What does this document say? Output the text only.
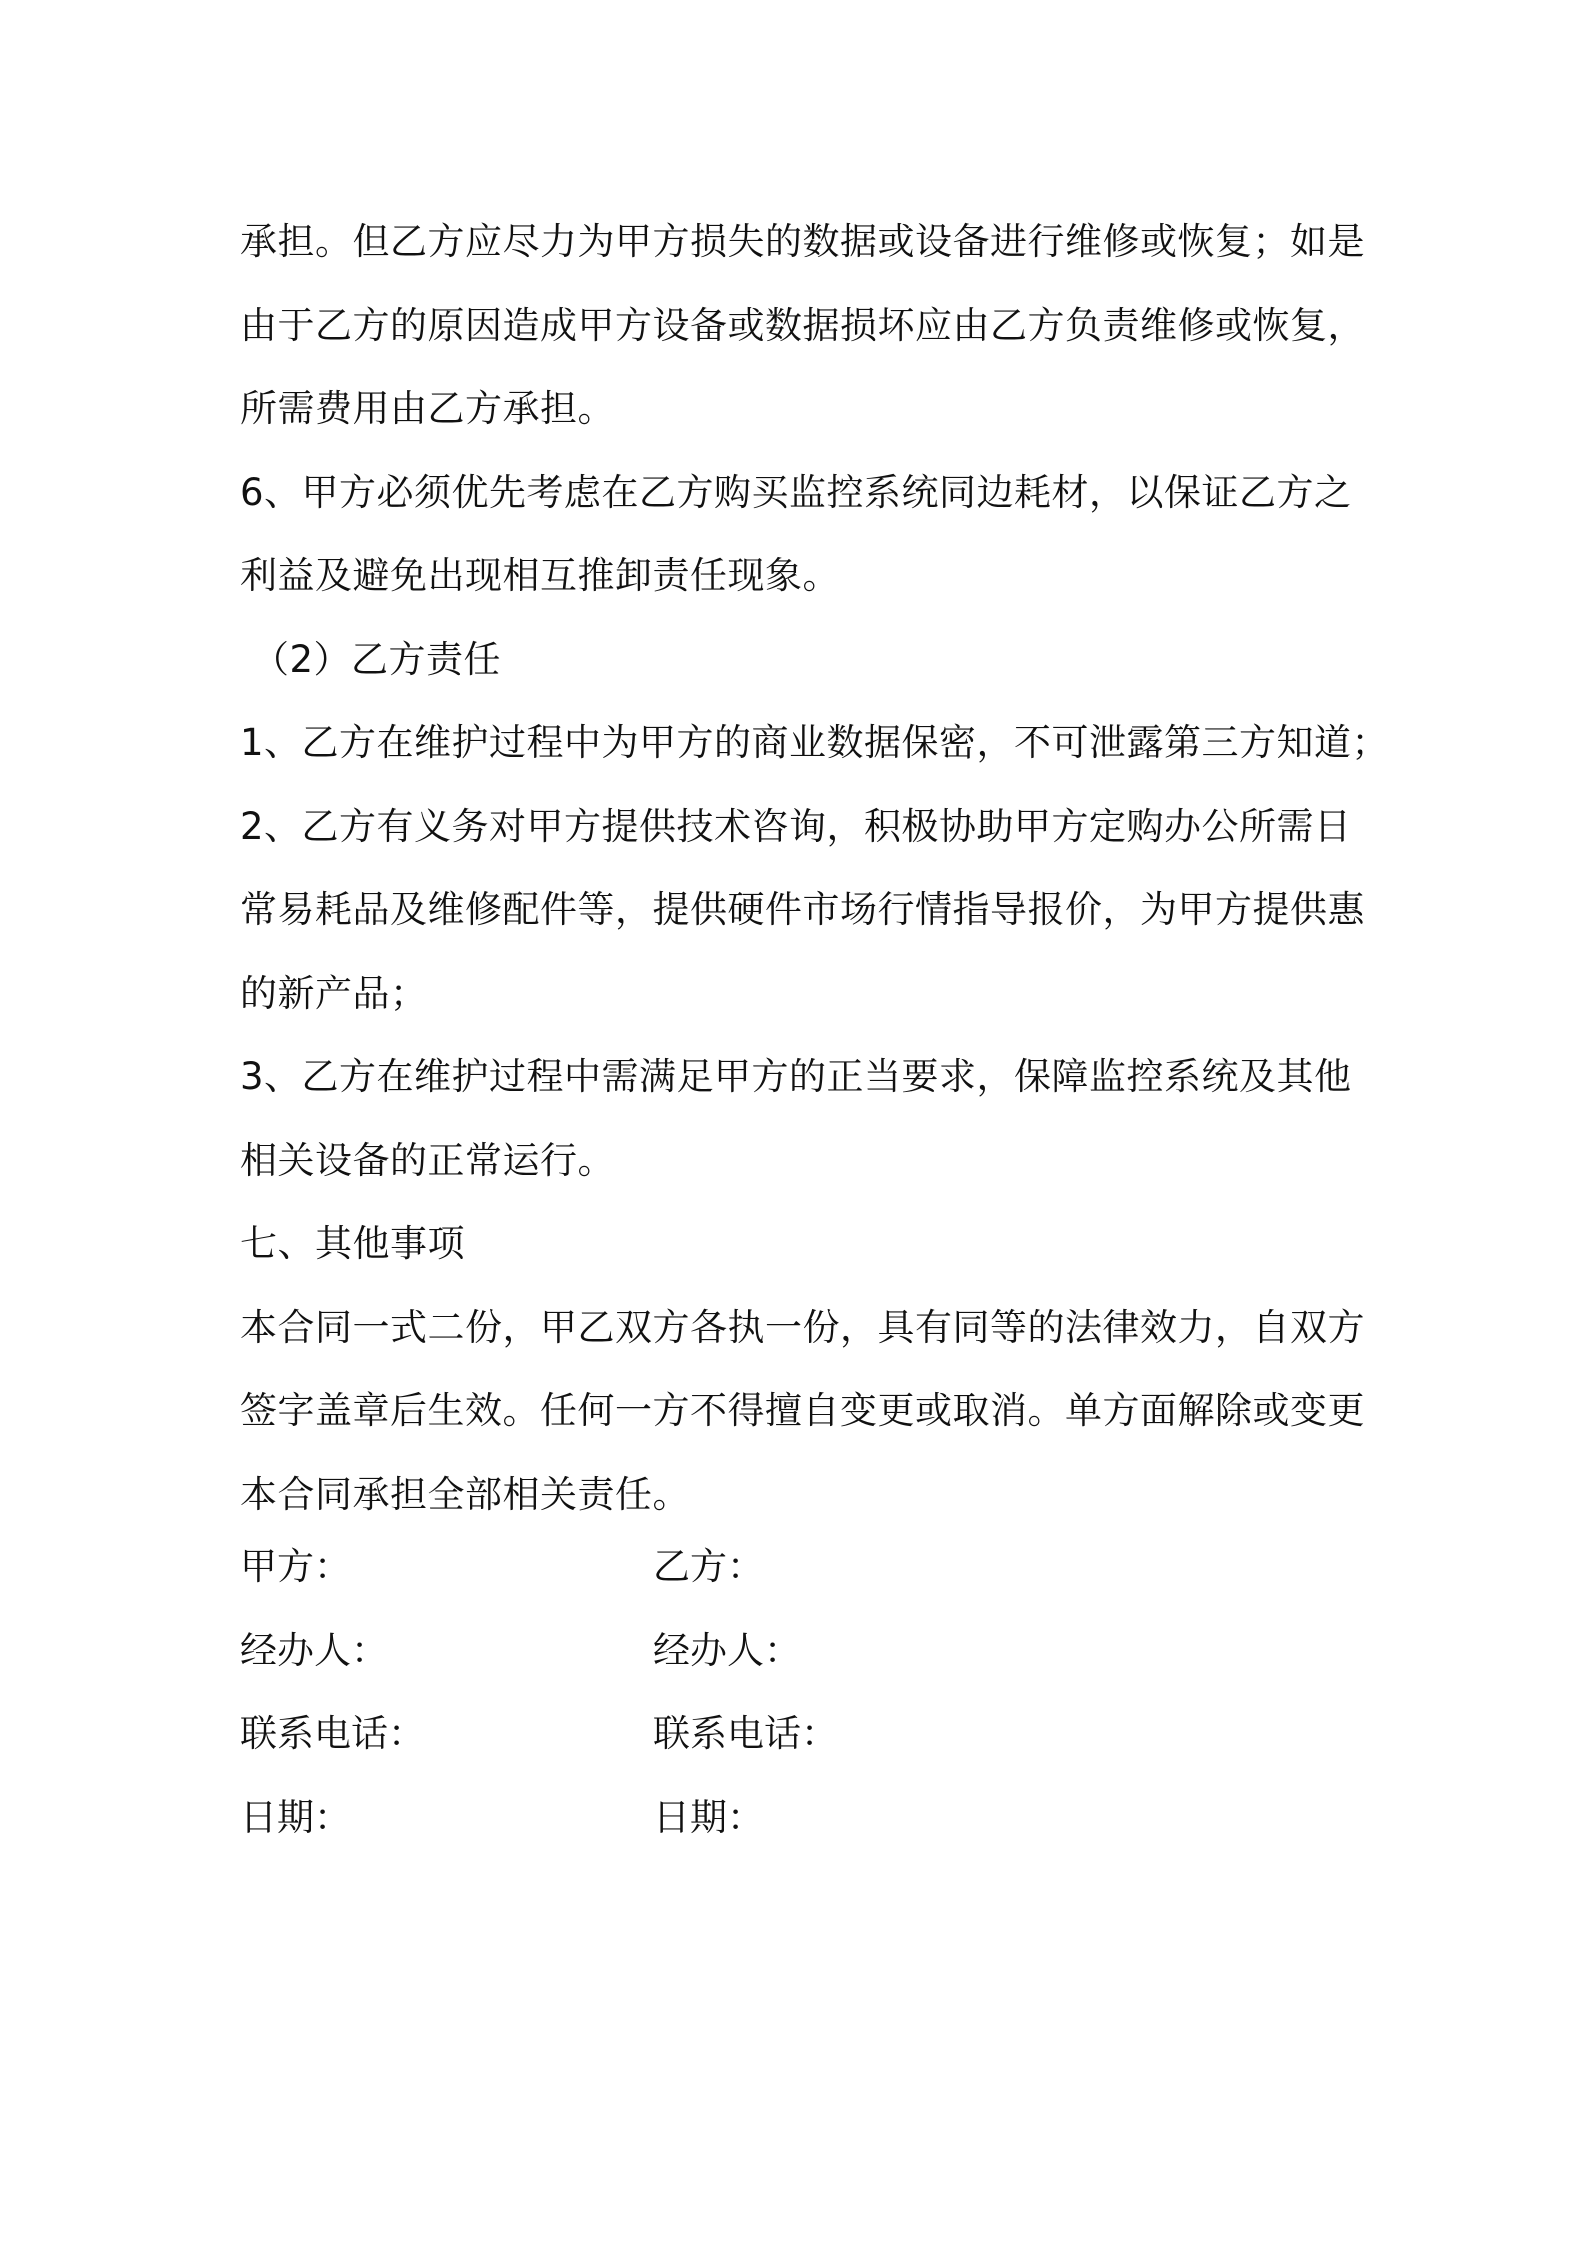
承担。但乙方应尽力为甲方损失的数据或设备进行维修或恢复；如是
由于乙方的原因造成甲方设备或数据损坏应由乙方负责维修或恢复，
所需费用由乙方承担。
6、甲方必须优先考虑在乙方购买监控系统同边耗材，以保证乙方之
利益及避免出现相互推卸责任现象。
（2）乙方责任
1、乙方在维护过程中为甲方的商业数据保密，不可泄露第三方知道；
2、乙方有义务对甲方提供技术咨询，积极协助甲方定购办公所需日
常易耗品及维修配件等，提供硬件市场行情指导报价，为甲方提供惠
的新产品；
3、乙方在维护过程中需满足甲方的正当要求，保障监控系统及其他
相关设备的正常运行。
七、其他事项
本合同一式二份，甲乙双方各执一份，具有同等的法律效力，自双方
签字盖章后生效。任何一方不得擅自变更或取消。单方面解除或变更
本合同承担全部相关责任。
甲方：	乙方：
经办人：	经办人：
联系电话：	联系电话：
日期：	日期：
